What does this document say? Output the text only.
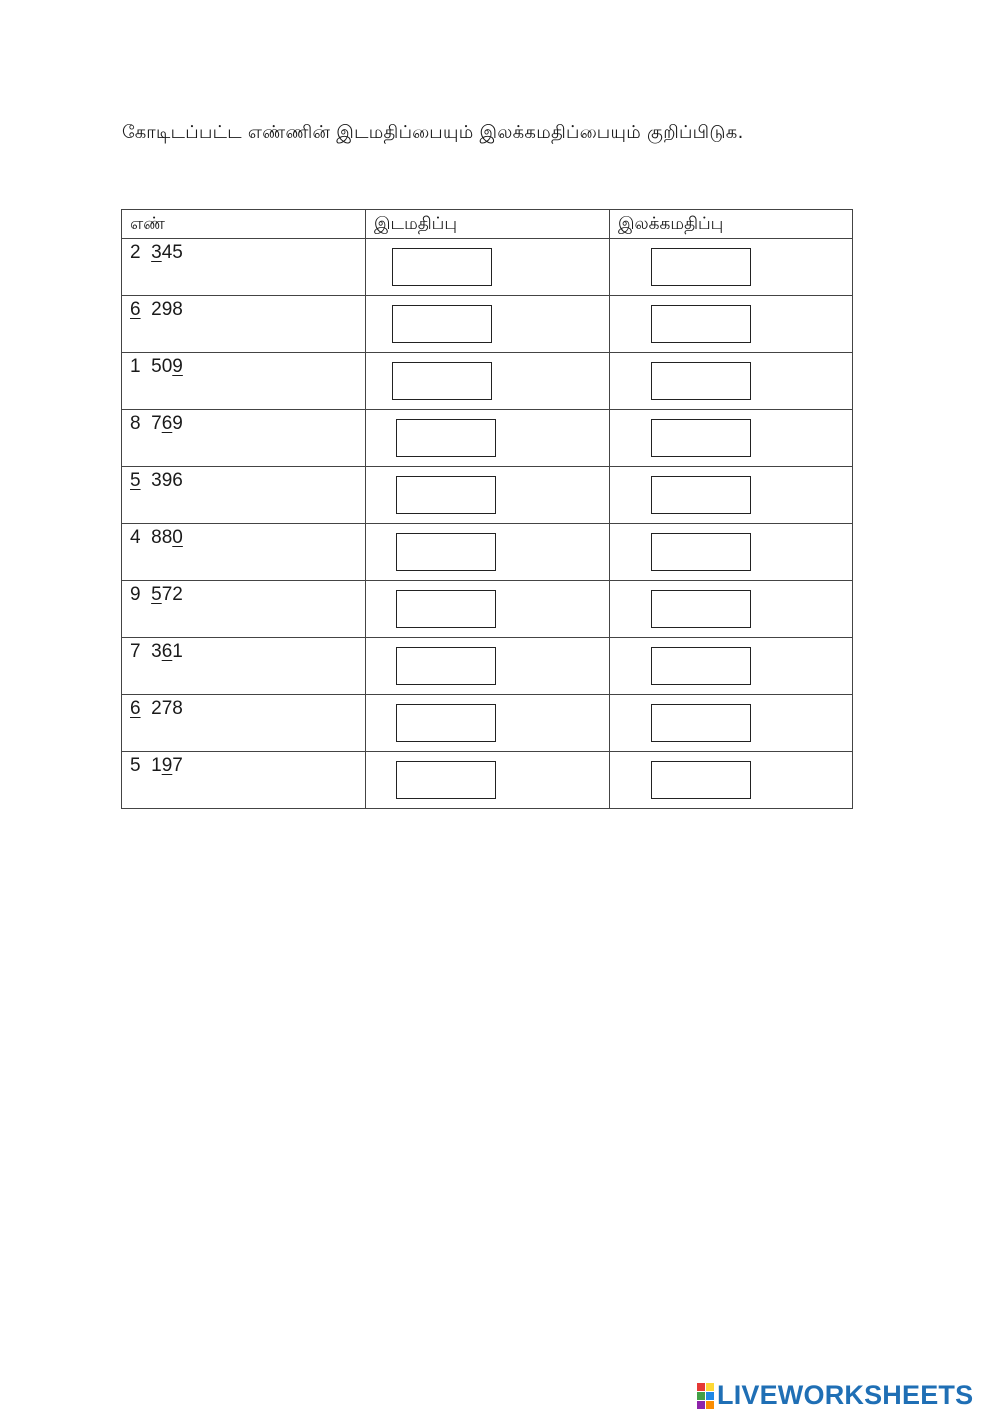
கோடிடப்பட்ட எண்ணின் இடமதிப்பையும் இலக்கமதிப்பையும் குறிப்பிடுக.
எண்	இடமதிப்பு	இலக்கமதிப்பு

2  345		

6  298		

1  509		

8  769		

5  396		

4  880		

9  572		

7  361		

6  278		

5  197		

LIVEWORKSHEETS
